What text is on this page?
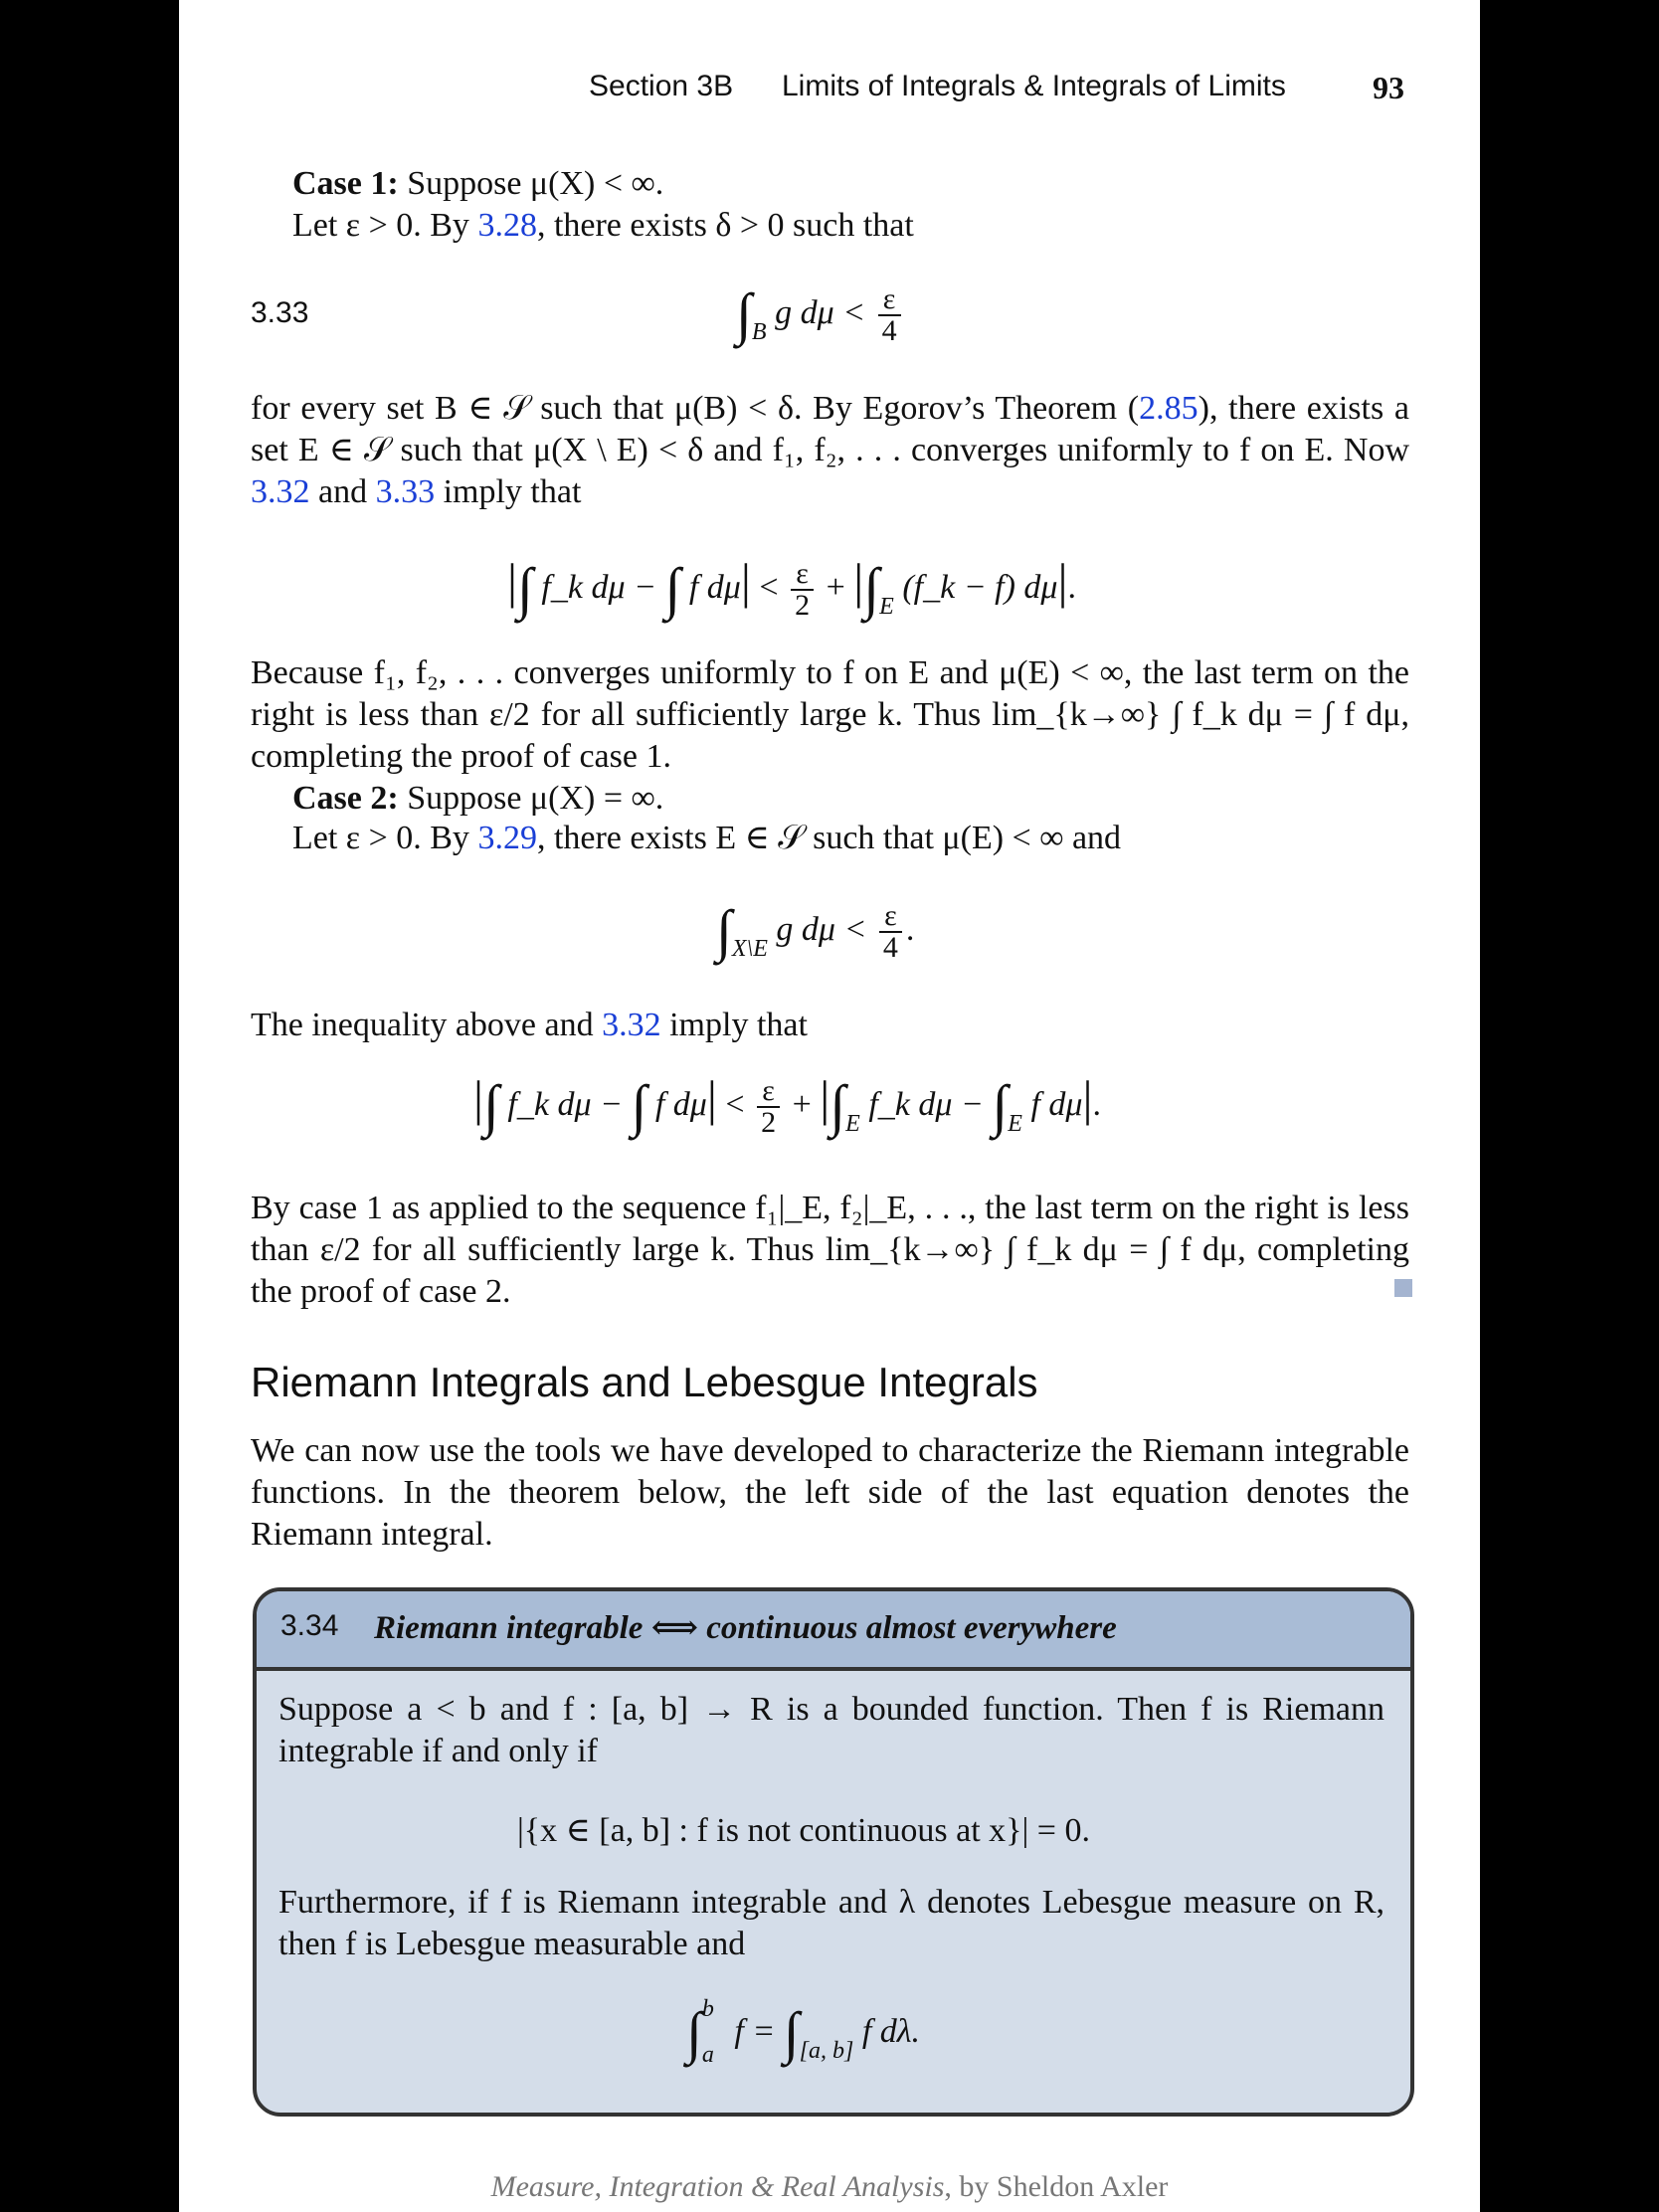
Section 3B Limits of Integrals & Integrals of Limits	93
Case 1: Suppose μ(X) < ∞.
Let ε > 0. By 3.28, there exists δ > 0 such that
3.33	$\int_B$ g $d\mu < \frac{\varepsilon}{4}$
for every set B ∈ 𝒮 such that μ(B) < δ. By Egorov’s Theorem (2.85), there exists a set E ∈ 𝒮 such that μ(X \ E) < δ and f₁, f₂, . . . converges uniformly to f on E. Now 3.32 and 3.33 imply that
|∫ f_k dμ − ∫ f $d\mu| < \frac{\varepsilon}{2} + |\int_E$ (f_k − f) dμ|.
Because f₁, f₂, . . . converges uniformly to f on E and μ(E) < ∞, the last term on the right is less than ε/2 for all sufficiently large k. Thus lim_{k→∞} ∫ f_k dμ = ∫ f dμ, completing the proof of case 1.
Case 2: Suppose μ(X) = ∞.
Let ε > 0. By 3.29, there exists E ∈ 𝒮 such that μ(E) < ∞ and
$\int_{X\backslash E}$ g $d\mu < \frac{\varepsilon}{4}$ .
The inequality above and 3.32 imply that
|∫ f_k dμ − ∫ f $d\mu| < \frac{\varepsilon}{2} + |\int_E$ f_k $d\mu - \int_E$ f dμ|.
By case 1 as applied to the sequence f₁|_E, f₂|_E, . . ., the last term on the right is less than ε/2 for all sufficiently large k. Thus lim_{k→∞} ∫ f_k dμ = ∫ f dμ, completing the proof of case 2.
Riemann Integrals and Lebesgue Integrals
We can now use the tools we have developed to characterize the Riemann integrable functions. In the theorem below, the left side of the last equation denotes the Riemann integral.
3.34 Riemann integrable ⟺ continuous almost everywhere
Suppose a < b and f : [a, b] → R is a bounded function. Then f is Riemann integrable if and only if
|{x ∈ [a, b] : f is not continuous at x}| = 0.
Furthermore, if f is Riemann integrable and λ denotes Lebesgue measure on R, then f is Lebesgue measurable and
∫$^b_a$ $f = \int_{[a, b]}$ f dλ.
Measure, Integration & Real Analysis, by Sheldon Axler
